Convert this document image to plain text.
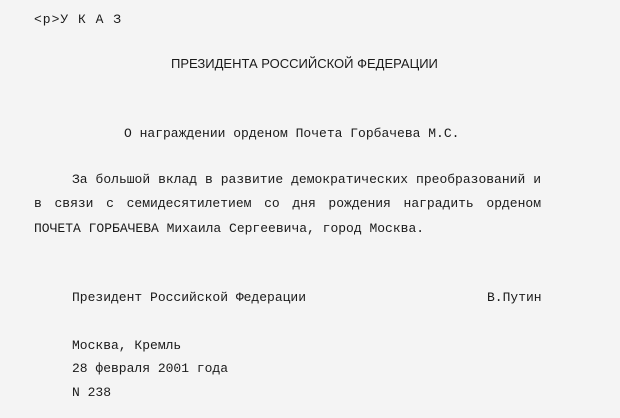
<p>У К А З
ПРЕЗИДЕНТА РОССИЙСКОЙ ФЕДЕРАЦИИ
О награждении орденом Почета Горбачева М.С.
За большой вклад в развитие демократических преобразований и
в связи с семидесятилетием со дня рождения наградить орденом
ПОЧЕТА ГОРБАЧЕВА Михаила Сергеевича, город Москва.
Президент Российской Федерации	В.Путин
Москва, Кремль
28 февраля 2001 года
N 238
